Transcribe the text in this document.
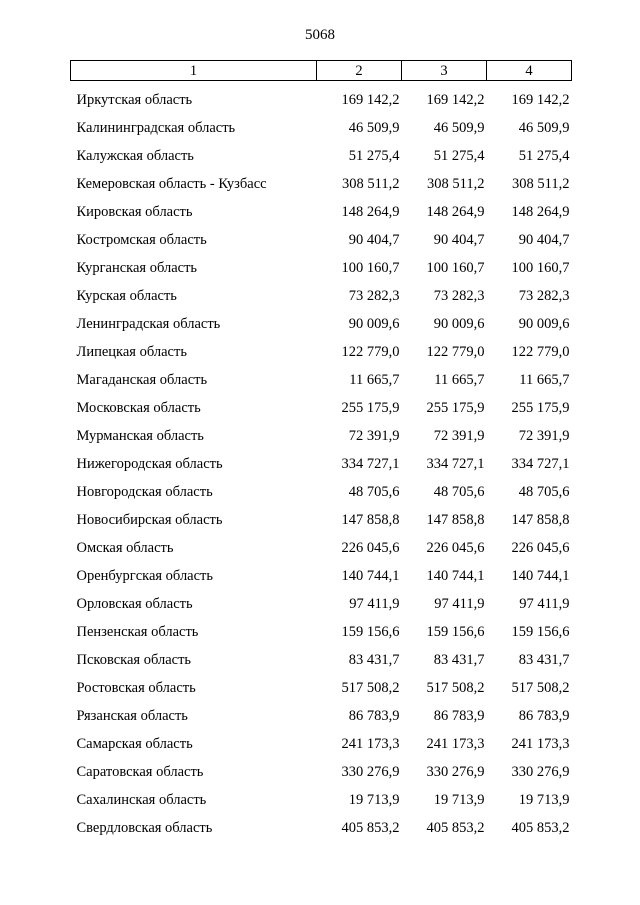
5068
1	2	3	4
Иркутская область	169 142,2	169 142,2	169 142,2
Калининградская область	46 509,9	46 509,9	46 509,9
Калужская область	51 275,4	51 275,4	51 275,4
Кемеровская область - Кузбасс	308 511,2	308 511,2	308 511,2
Кировская область	148 264,9	148 264,9	148 264,9
Костромская область	90 404,7	90 404,7	90 404,7
Курганская область	100 160,7	100 160,7	100 160,7
Курская область	73 282,3	73 282,3	73 282,3
Ленинградская область	90 009,6	90 009,6	90 009,6
Липецкая область	122 779,0	122 779,0	122 779,0
Магаданская область	11 665,7	11 665,7	11 665,7
Московская область	255 175,9	255 175,9	255 175,9
Мурманская область	72 391,9	72 391,9	72 391,9
Нижегородская область	334 727,1	334 727,1	334 727,1
Новгородская область	48 705,6	48 705,6	48 705,6
Новосибирская область	147 858,8	147 858,8	147 858,8
Омская область	226 045,6	226 045,6	226 045,6
Оренбургская область	140 744,1	140 744,1	140 744,1
Орловская область	97 411,9	97 411,9	97 411,9
Пензенская область	159 156,6	159 156,6	159 156,6
Псковская область	83 431,7	83 431,7	83 431,7
Ростовская область	517 508,2	517 508,2	517 508,2
Рязанская область	86 783,9	86 783,9	86 783,9
Самарская область	241 173,3	241 173,3	241 173,3
Саратовская область	330 276,9	330 276,9	330 276,9
Сахалинская область	19 713,9	19 713,9	19 713,9
Свердловская область	405 853,2	405 853,2	405 853,2
